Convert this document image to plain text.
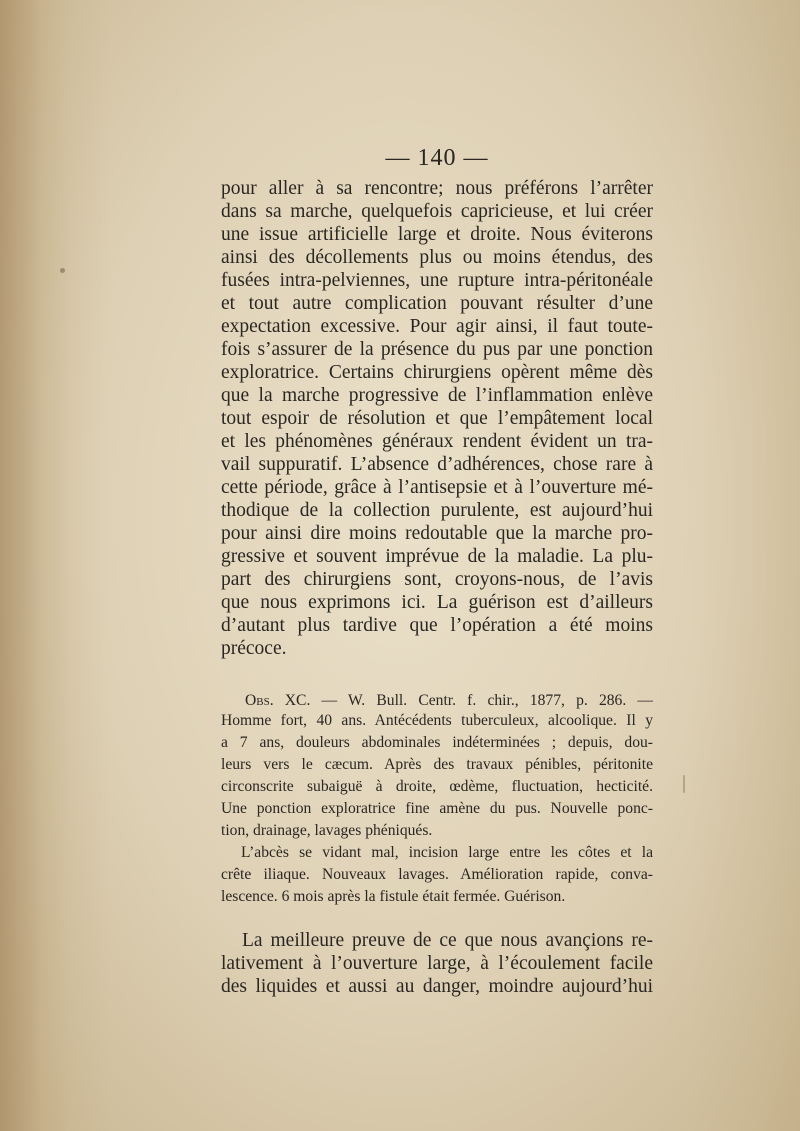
— 140 —
pour aller à sa rencontre; nous préférons l’arrêter
dans sa marche, quelquefois capricieuse, et lui créer
une issue artificielle large et droite. Nous éviterons
ainsi des décollements plus ou moins étendus, des
fusées intra-pelviennes, une rupture intra-péritonéale
et tout autre complication pouvant résulter d’une
expectation excessive. Pour agir ainsi, il faut toute-
fois s’assurer de la présence du pus par une ponction
exploratrice. Certains chirurgiens opèrent même dès
que la marche progressive de l’inflammation enlève
tout espoir de résolution et que l’empâtement local
et les phénomènes généraux rendent évident un tra-
vail suppuratif. L’absence d’adhérences, chose rare à
cette période, grâce à l’antisepsie et à l’ouverture mé-
thodique de la collection purulente, est aujourd’hui
pour ainsi dire moins redoutable que la marche pro-
gressive et souvent imprévue de la maladie. La plu-
part des chirurgiens sont, croyons-nous, de l’avis
que nous exprimons ici. La guérison est d’ailleurs
d’autant plus tardive que l’opération a été moins
précoce.
Obs. XC. — W. Bull. Centr. f. chir., 1877, p. 286. —
Homme fort, 40 ans. Antécédents tuberculeux, alcoolique. Il y
a 7 ans, douleurs abdominales indéterminées ; depuis, dou-
leurs vers le cæcum. Après des travaux pénibles, péritonite
circonscrite subaiguë à droite, œdème, fluctuation, hecticité.
Une ponction exploratrice fine amène du pus. Nouvelle ponc-
tion, drainage, lavages phéniqués.
L’abcès se vidant mal, incision large entre les côtes et la
crête iliaque. Nouveaux lavages. Amélioration rapide, conva-
lescence. 6 mois après la fistule était fermée. Guérison.
La meilleure preuve de ce que nous avançions re-
lativement à l’ouverture large, à l’écoulement facile
des liquides et aussi au danger, moindre aujourd’hui
